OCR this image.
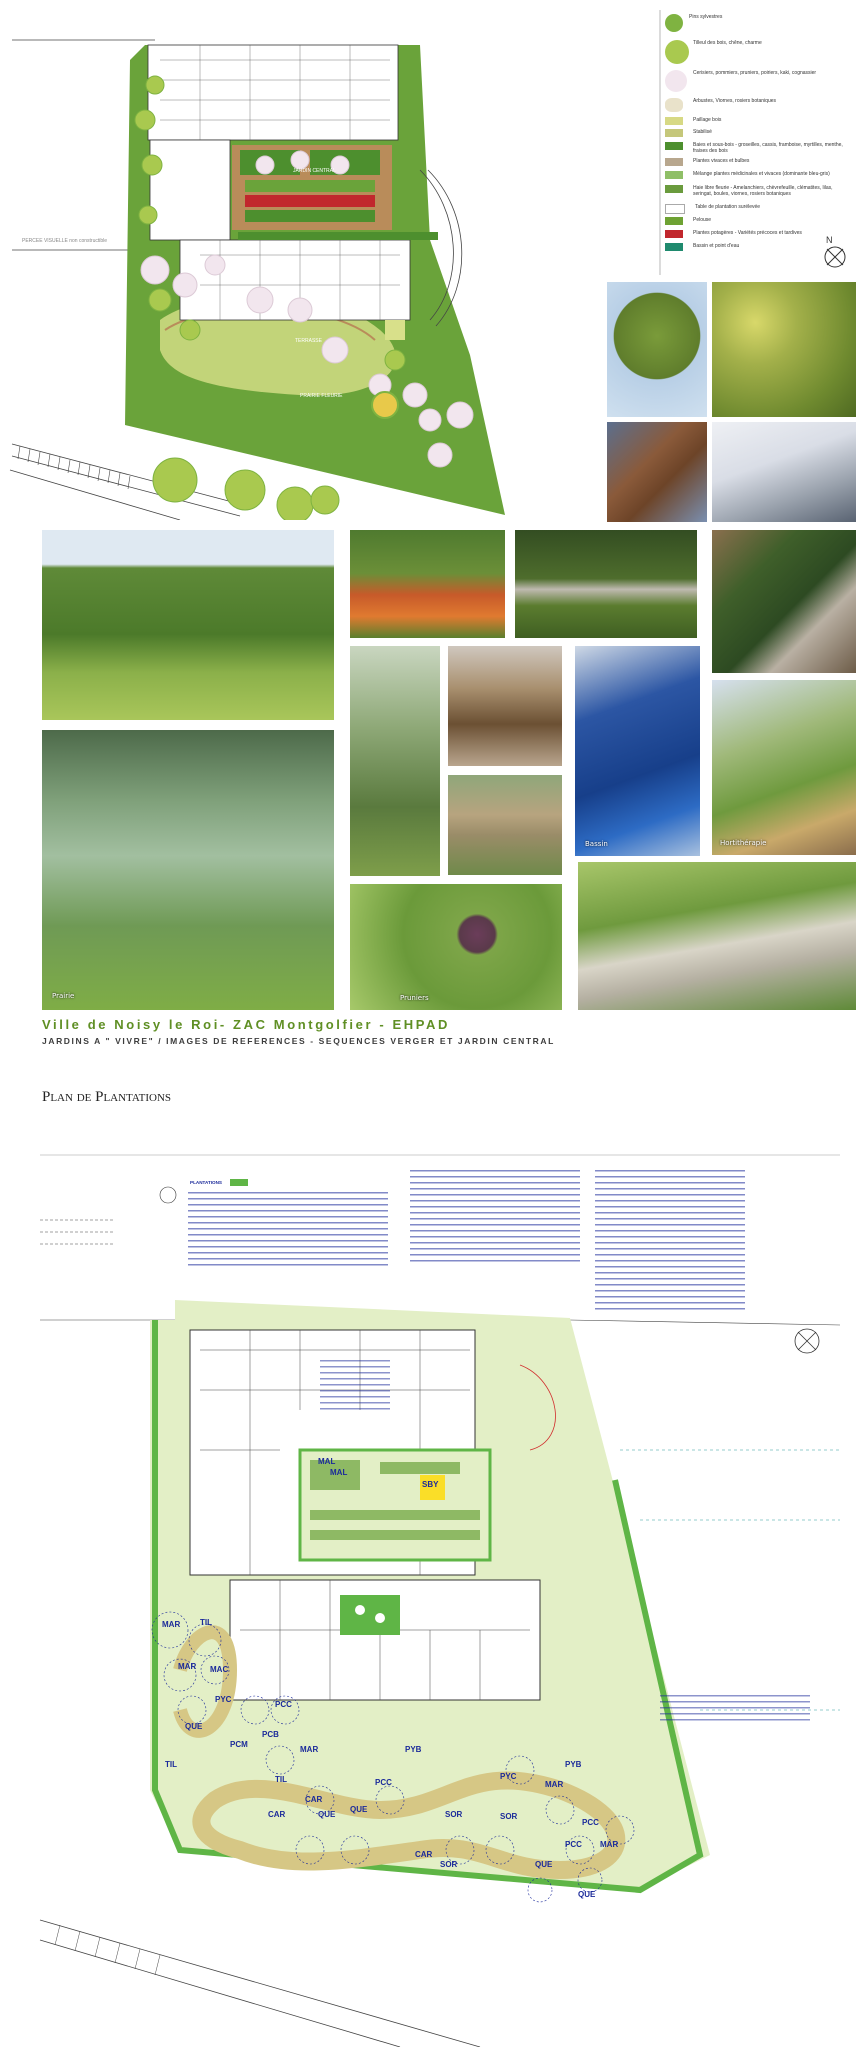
PERCEE VISUELLE non constructible
JARDIN CENTRAL
TERRASSE
PRAIRIE FLEURIE
Pins sylvestres
Tilleul des bois, chêne, charme
Cerisiers, pommiers, pruniers, poiriers, kaki, cognassier
Arbustes, Viornes, rosiers botaniques
Paillage bois
Stabilisé
Baies et sous-bois - groseilles, cassis, framboise, myrtilles, menthe, fraises des bois
Plantes vivaces et bulbes
Mélange plantes médicinales et vivaces (dominante bleu-gris)
Haie libre fleurie - Amelanchiers, chèvrefeuille, clématites, lilas, seringat, boules, viornes, rosiers botaniques
Table de plantation surélevée
Pelouse
Plantes potagères - Variétés précoces et tardives
Bassin et point d'eau
N
Prairie
Bassin	Hortithérapie
Pruniers
Ville de Noisy le Roi- ZAC Montgolfier - EHPAD
JARDINS A " VIVRE" / IMAGES DE REFERENCES - SEQUENCES VERGER ET JARDIN CENTRAL
Plan de Plantations
PLANTATIONS
MAR TIL
MAR
QUE
PCC
PYC
MAC
TIL
CAR
QUE
PCB
PCM
MAR	PYB
TIL	PCC
CAR
QUE
SOR	SOR
CAR
QUE
SOR
PYC
MAR
PYB
PCC
MAR
QUE
PCC
MAL
MAL
SBY
